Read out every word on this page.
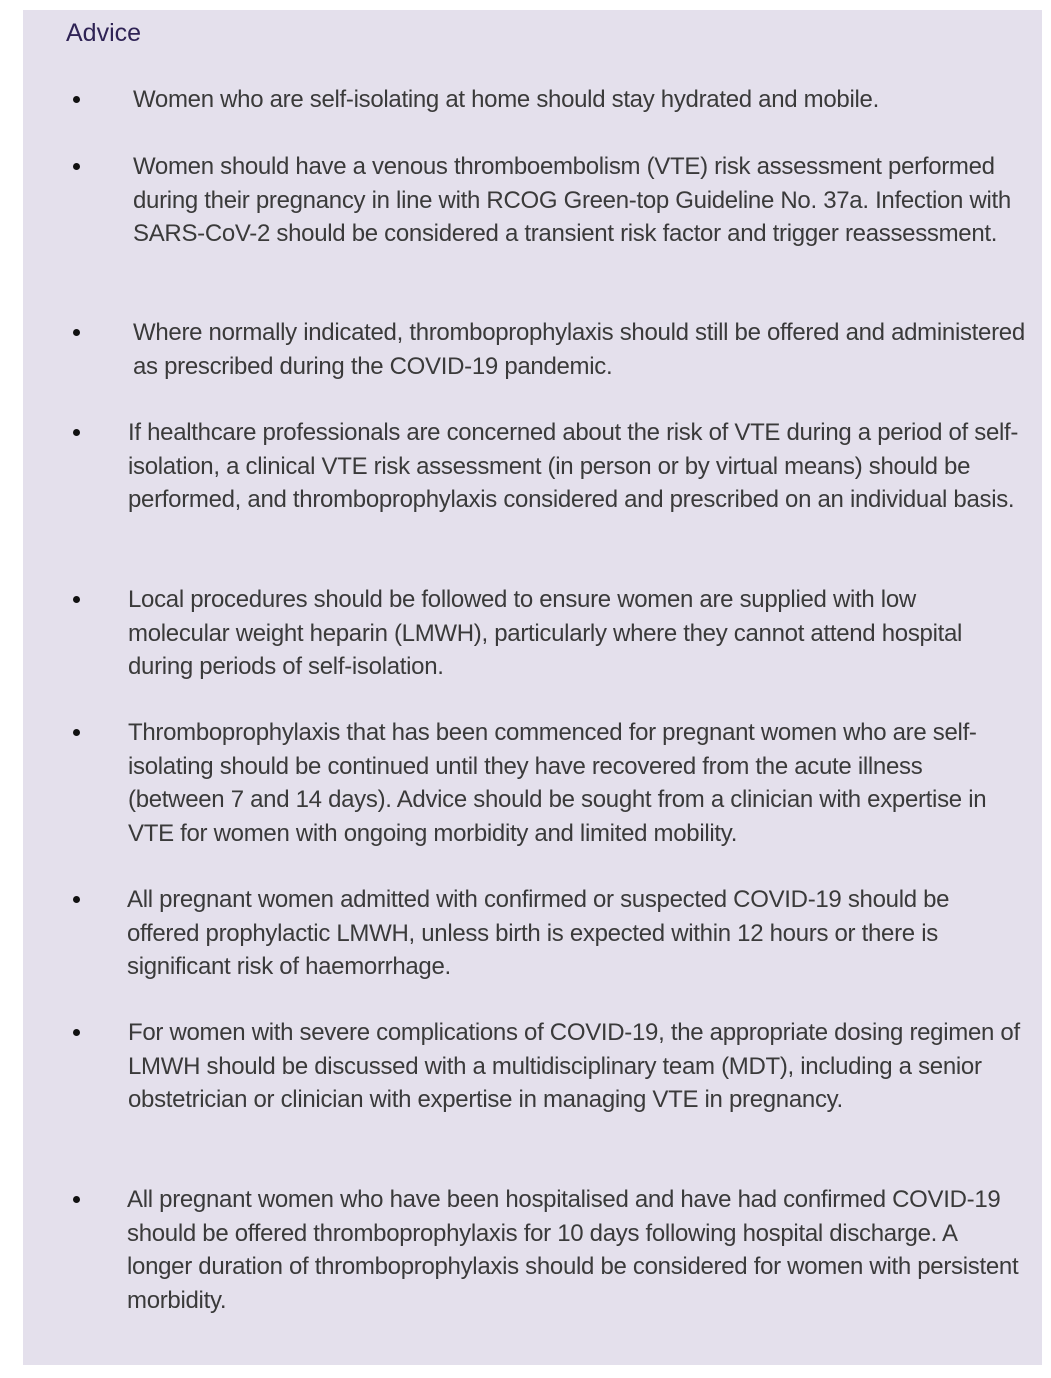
Advice
Women who are self-isolating at home should stay hydrated and mobile.
Women should have a venous thromboembolism (VTE) risk assessment performed during their pregnancy in line with RCOG Green-top Guideline No. 37a. Infection with SARS-CoV-2 should be considered a transient risk factor and trigger reassessment.
Where normally indicated, thromboprophylaxis should still be offered and administered as prescribed during the COVID-19 pandemic.
If healthcare professionals are concerned about the risk of VTE during a period of self-isolation, a clinical VTE risk assessment (in person or by virtual means) should be performed, and thromboprophylaxis considered and prescribed on an individual basis.
Local procedures should be followed to ensure women are supplied with low molecular weight heparin (LMWH), particularly where they cannot attend hospital during periods of self-isolation.
Thromboprophylaxis that has been commenced for pregnant women who are self-isolating should be continued until they have recovered from the acute illness (between 7 and 14 days). Advice should be sought from a clinician with expertise in VTE for women with ongoing morbidity and limited mobility.
All pregnant women admitted with confirmed or suspected COVID-19 should be offered prophylactic LMWH, unless birth is expected within 12 hours or there is significant risk of haemorrhage.
For women with severe complications of COVID-19, the appropriate dosing regimen of LMWH should be discussed with a multidisciplinary team (MDT), including a senior obstetrician or clinician with expertise in managing VTE in pregnancy.
All pregnant women who have been hospitalised and have had confirmed COVID-19 should be offered thromboprophylaxis for 10 days following hospital discharge. A longer duration of thromboprophylaxis should be considered for women with persistent morbidity.
